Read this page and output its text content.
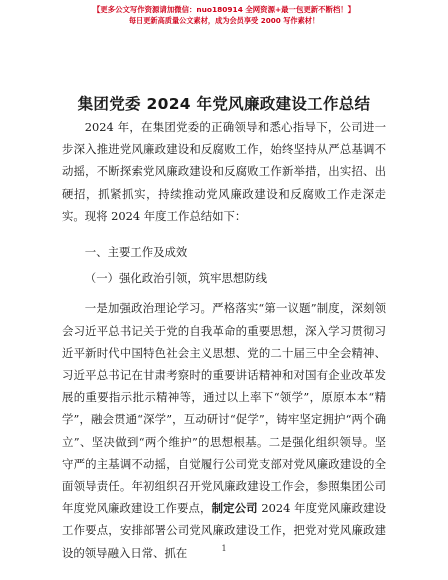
【更多公文写作资源请加微信：nuo180914 全网资源+最一包更新不断档！】
每日更新高质量公文素材，成为会员享受 2000 写作素材！
集团党委 2024 年党风廉政建设工作总结

2024 年，在集团党委的正确领导和悉心指导下，公司进一步深入推进党风廉政建设和反腐败工作，始终坚持从严总基调不动摇，不断探索党风廉政建设和反腐败工作新举措，出实招、出硬招，抓紧抓实，持续推动党风廉政建设和反腐败工作走深走实。现将 2024 年度工作总结如下：

一、主要工作及成效

（一）强化政治引领，筑牢思想防线

一是加强政治理论学习。严格落实“第一议题”制度，深刻领会习近平总书记关于党的自我革命的重要思想，深入学习贯彻习近平新时代中国特色社会主义思想、党的二十届三中全会精神、习近平总书记在甘肃考察时的重要讲话精神和对国有企业改革发展的重要指示批示精神等，通过以上率下“领学”，原原本本“精学”，融会贯通“深学”，互动研讨“促学”，铸牢坚定拥护“两个确立”、坚决做到“两个维护”的思想根基。二是强化组织领导。坚守严的主基调不动摇，自觉履行公司党支部对党风廉政建设的全面领导责任。年初组织召开党风廉政建设工作会，参照集团公司年度党风廉政建设工作要点，制定公司 2024 年度党风廉政建设工作要点，安排部署公司党风廉政建设工作，把党对党风廉政建设的领导融入日常、抓在	1
